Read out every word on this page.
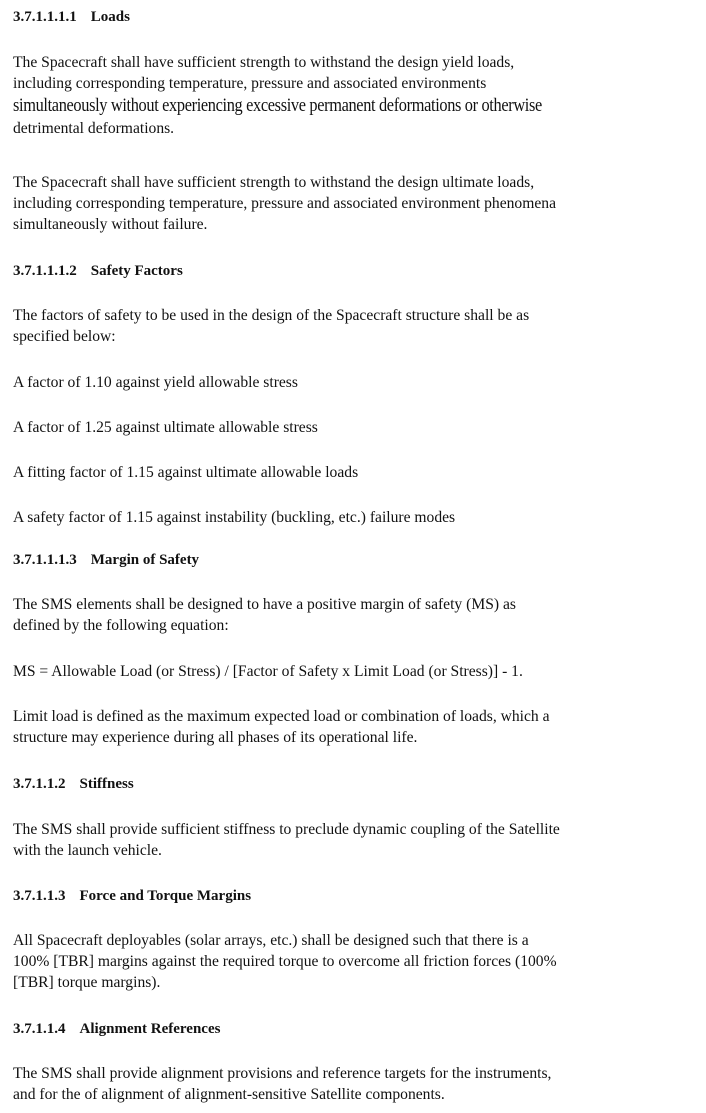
3.7.1.1.1.1 Loads
The Spacecraft shall have sufficient strength to withstand the design yield loads,
including corresponding temperature, pressure and associated environments
simultaneously without experiencing excessive permanent deformations or otherwise
detrimental deformations.
The Spacecraft shall have sufficient strength to withstand the design ultimate loads,
including corresponding temperature, pressure and associated environment phenomena
simultaneously without failure.
3.7.1.1.1.2 Safety Factors
The factors of safety to be used in the design of the Spacecraft structure shall be as
specified below:
A factor of 1.10 against yield allowable stress
A factor of 1.25 against ultimate allowable stress
A fitting factor of 1.15 against ultimate allowable loads
A safety factor of 1.15 against instability (buckling, etc.) failure modes
3.7.1.1.1.3 Margin of Safety
The SMS elements shall be designed to have a positive margin of safety (MS) as
defined by the following equation:
MS = Allowable Load (or Stress) / [Factor of Safety x Limit Load (or Stress)] - 1.
Limit load is defined as the maximum expected load or combination of loads, which a
structure may experience during all phases of its operational life.
3.7.1.1.2 Stiffness
The SMS shall provide sufficient stiffness to preclude dynamic coupling of the Satellite
with the launch vehicle.
3.7.1.1.3 Force and Torque Margins
All Spacecraft deployables (solar arrays, etc.) shall be designed such that there is a
100% [TBR] margins against the required torque to overcome all friction forces (100%
[TBR] torque margins).
3.7.1.1.4 Alignment References
The SMS shall provide alignment provisions and reference targets for the instruments,
and for the of alignment of alignment-sensitive Satellite components.
